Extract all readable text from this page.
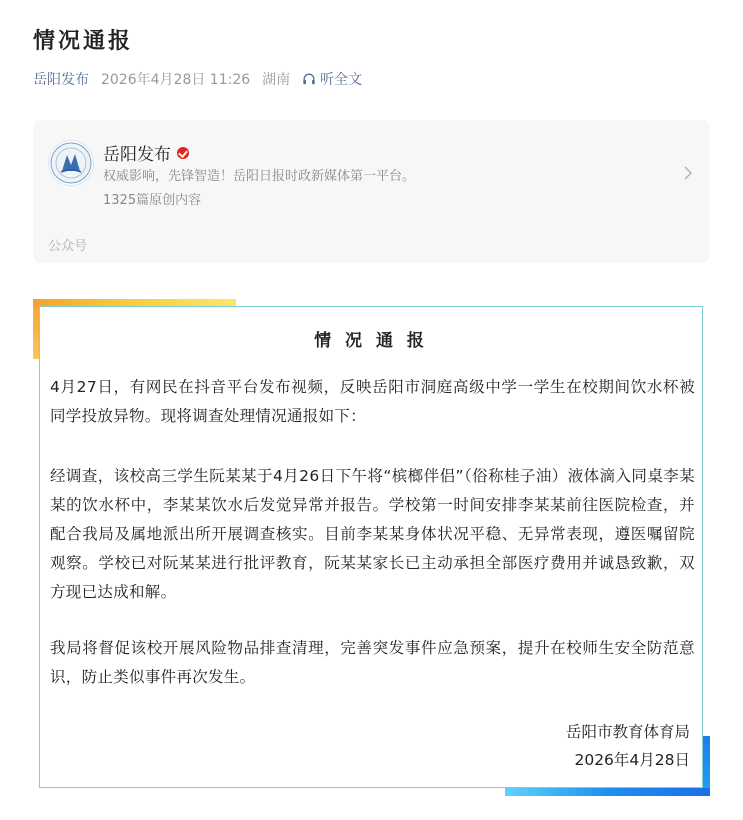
情况通报
岳阳发布 2026年4月28日 11:26 湖南 听全文
岳阳发布
权威影响，先锋智造！岳阳日报时政新媒体第一平台。
1325篇原创内容
公众号
情 况 通 报

4月27日，有网民在抖音平台发布视频，反映岳阳市洞庭高级中学一学生在校期间饮水杯被同学投放异物。现将调查处理情况通报如下：

经调查，该校高三学生阮某某于4月26日下午将“槟榔伴侣”（俗称桂子油）液体滴入同桌李某某的饮水杯中，李某某饮水后发觉异常并报告。学校第一时间安排李某某前往医院检查，并配合我局及属地派出所开展调查核实。目前李某某身体状况平稳、无异常表现，遵医嘱留院观察。学校已对阮某某进行批评教育，阮某某家长已主动承担全部医疗费用并诚恳致歉，双方现已达成和解。

我局将督促该校开展风险物品排查清理，完善突发事件应急预案，提升在校师生安全防范意识，防止类似事件再次发生。

岳阳市教育体育局
2026年4月28日
